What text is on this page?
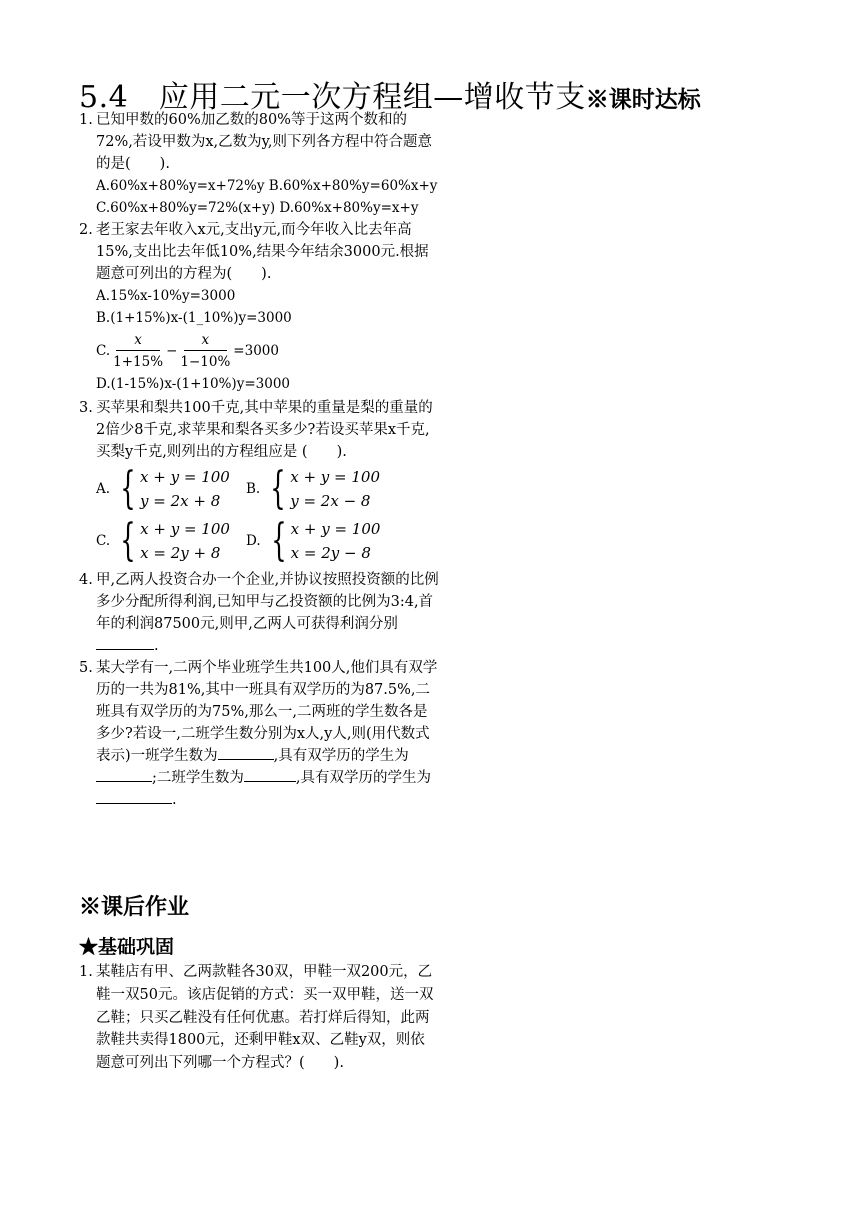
5.4　应用二元一次方程组—增收节支※课时达标
1. 已知甲数的60%加乙数的80%等于这两个数和的72%,若设甲数为x,乙数为y,则下列各方程中符合题意的是(　　).
A.60%x+80%y=x+72%y B.60%x+80%y=60%x+y
C.60%x+80%y=72%(x+y) D.60%x+80%y=x+y
2. 老王家去年收入x元,支出y元,而今年收入比去年高15%,支出比去年低10%,结果今年结余3000元.根据题意可列出的方程为(　　).
A.15%x-10%y=3000
B.(1+15%)x-(1_10%)y=3000
C. $\frac{x}{1+15\%} - \frac{x}{1-10\%} =3000$
D.(1-15%)x-(1+10%)y=3000
3. 买苹果和梨共100千克,其中苹果的重量是梨的重量的2倍少8千克,求苹果和梨各买多少?若设买苹果x千克,买梨y千克,则列出的方程组应是 (　　).
A. { x + y = 100
y = 2x + 8
B. { x + y = 100
y = 2x − 8
C. { x + y = 100
x = 2y + 8
D. { x + y = 100
x = 2y − 8
4. 甲,乙两人投资合办一个企业,并协议按照投资额的比例多少分配所得利润,已知甲与乙投资额的比例为3:4,首年的利润87500元,则甲,乙两人可获得利润分别.
5. 某大学有一,二两个毕业班学生共100人,他们具有双学历的一共为81%,其中一班具有双学历的为87.5%,二班具有双学历的为75%,那么一,二两班的学生数各是多少?若设一,二班学生数分别为x人,y人,则(用代数式表示)一班学生数为	,具有双学历的学生为;二班学生数为	,具有双学历的学生为.
※课后作业
★基础巩固
1. 某鞋店有甲、乙两款鞋各30双，甲鞋一双200元，乙鞋一双50元。该店促销的方式：买一双甲鞋，送一双乙鞋；只买乙鞋没有任何优惠。若打烊后得知，此两款鞋共卖得1800元，还剩甲鞋x双、乙鞋y双，则依题意可列出下列哪一个方程式？(　　).
